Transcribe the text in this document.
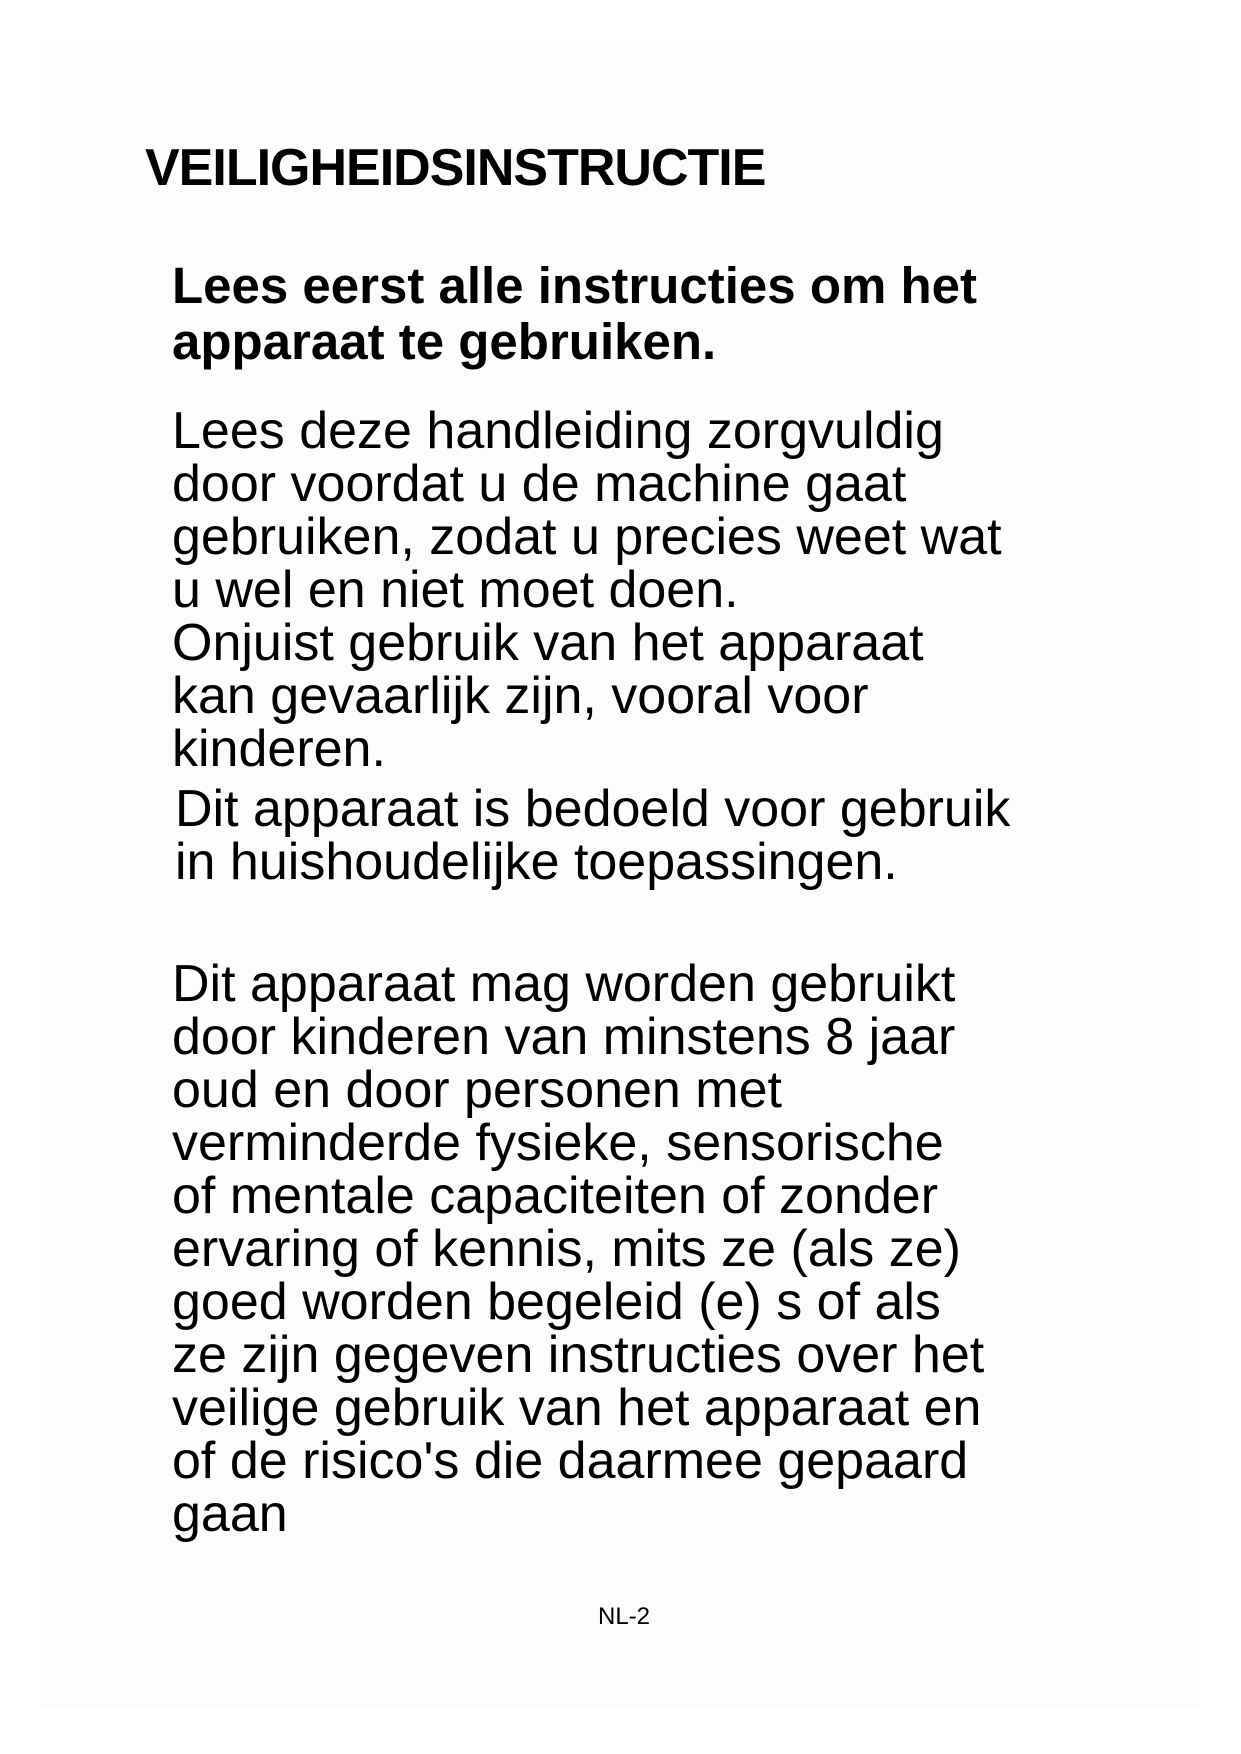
VEILIGHEIDSINSTRUCTIE
Lees eerst alle instructies om het
apparaat te gebruiken.
Lees deze handleiding zorgvuldig
door voordat u de machine gaat
gebruiken, zodat u precies weet wat
u wel en niet moet doen.
Onjuist gebruik van het apparaat
kan gevaarlijk zijn, vooral voor
kinderen.
Dit apparaat is bedoeld voor gebruik
in huishoudelijke toepassingen.
Dit apparaat mag worden gebruikt
door kinderen van minstens 8 jaar
oud en door personen met
verminderde fysieke, sensorische
of mentale capaciteiten of zonder
ervaring of kennis, mits ze (als ze)
goed worden begeleid (e) s of als
ze zijn gegeven instructies over het
veilige gebruik van het apparaat en
of de risico's die daarmee gepaard
gaan
NL-2
